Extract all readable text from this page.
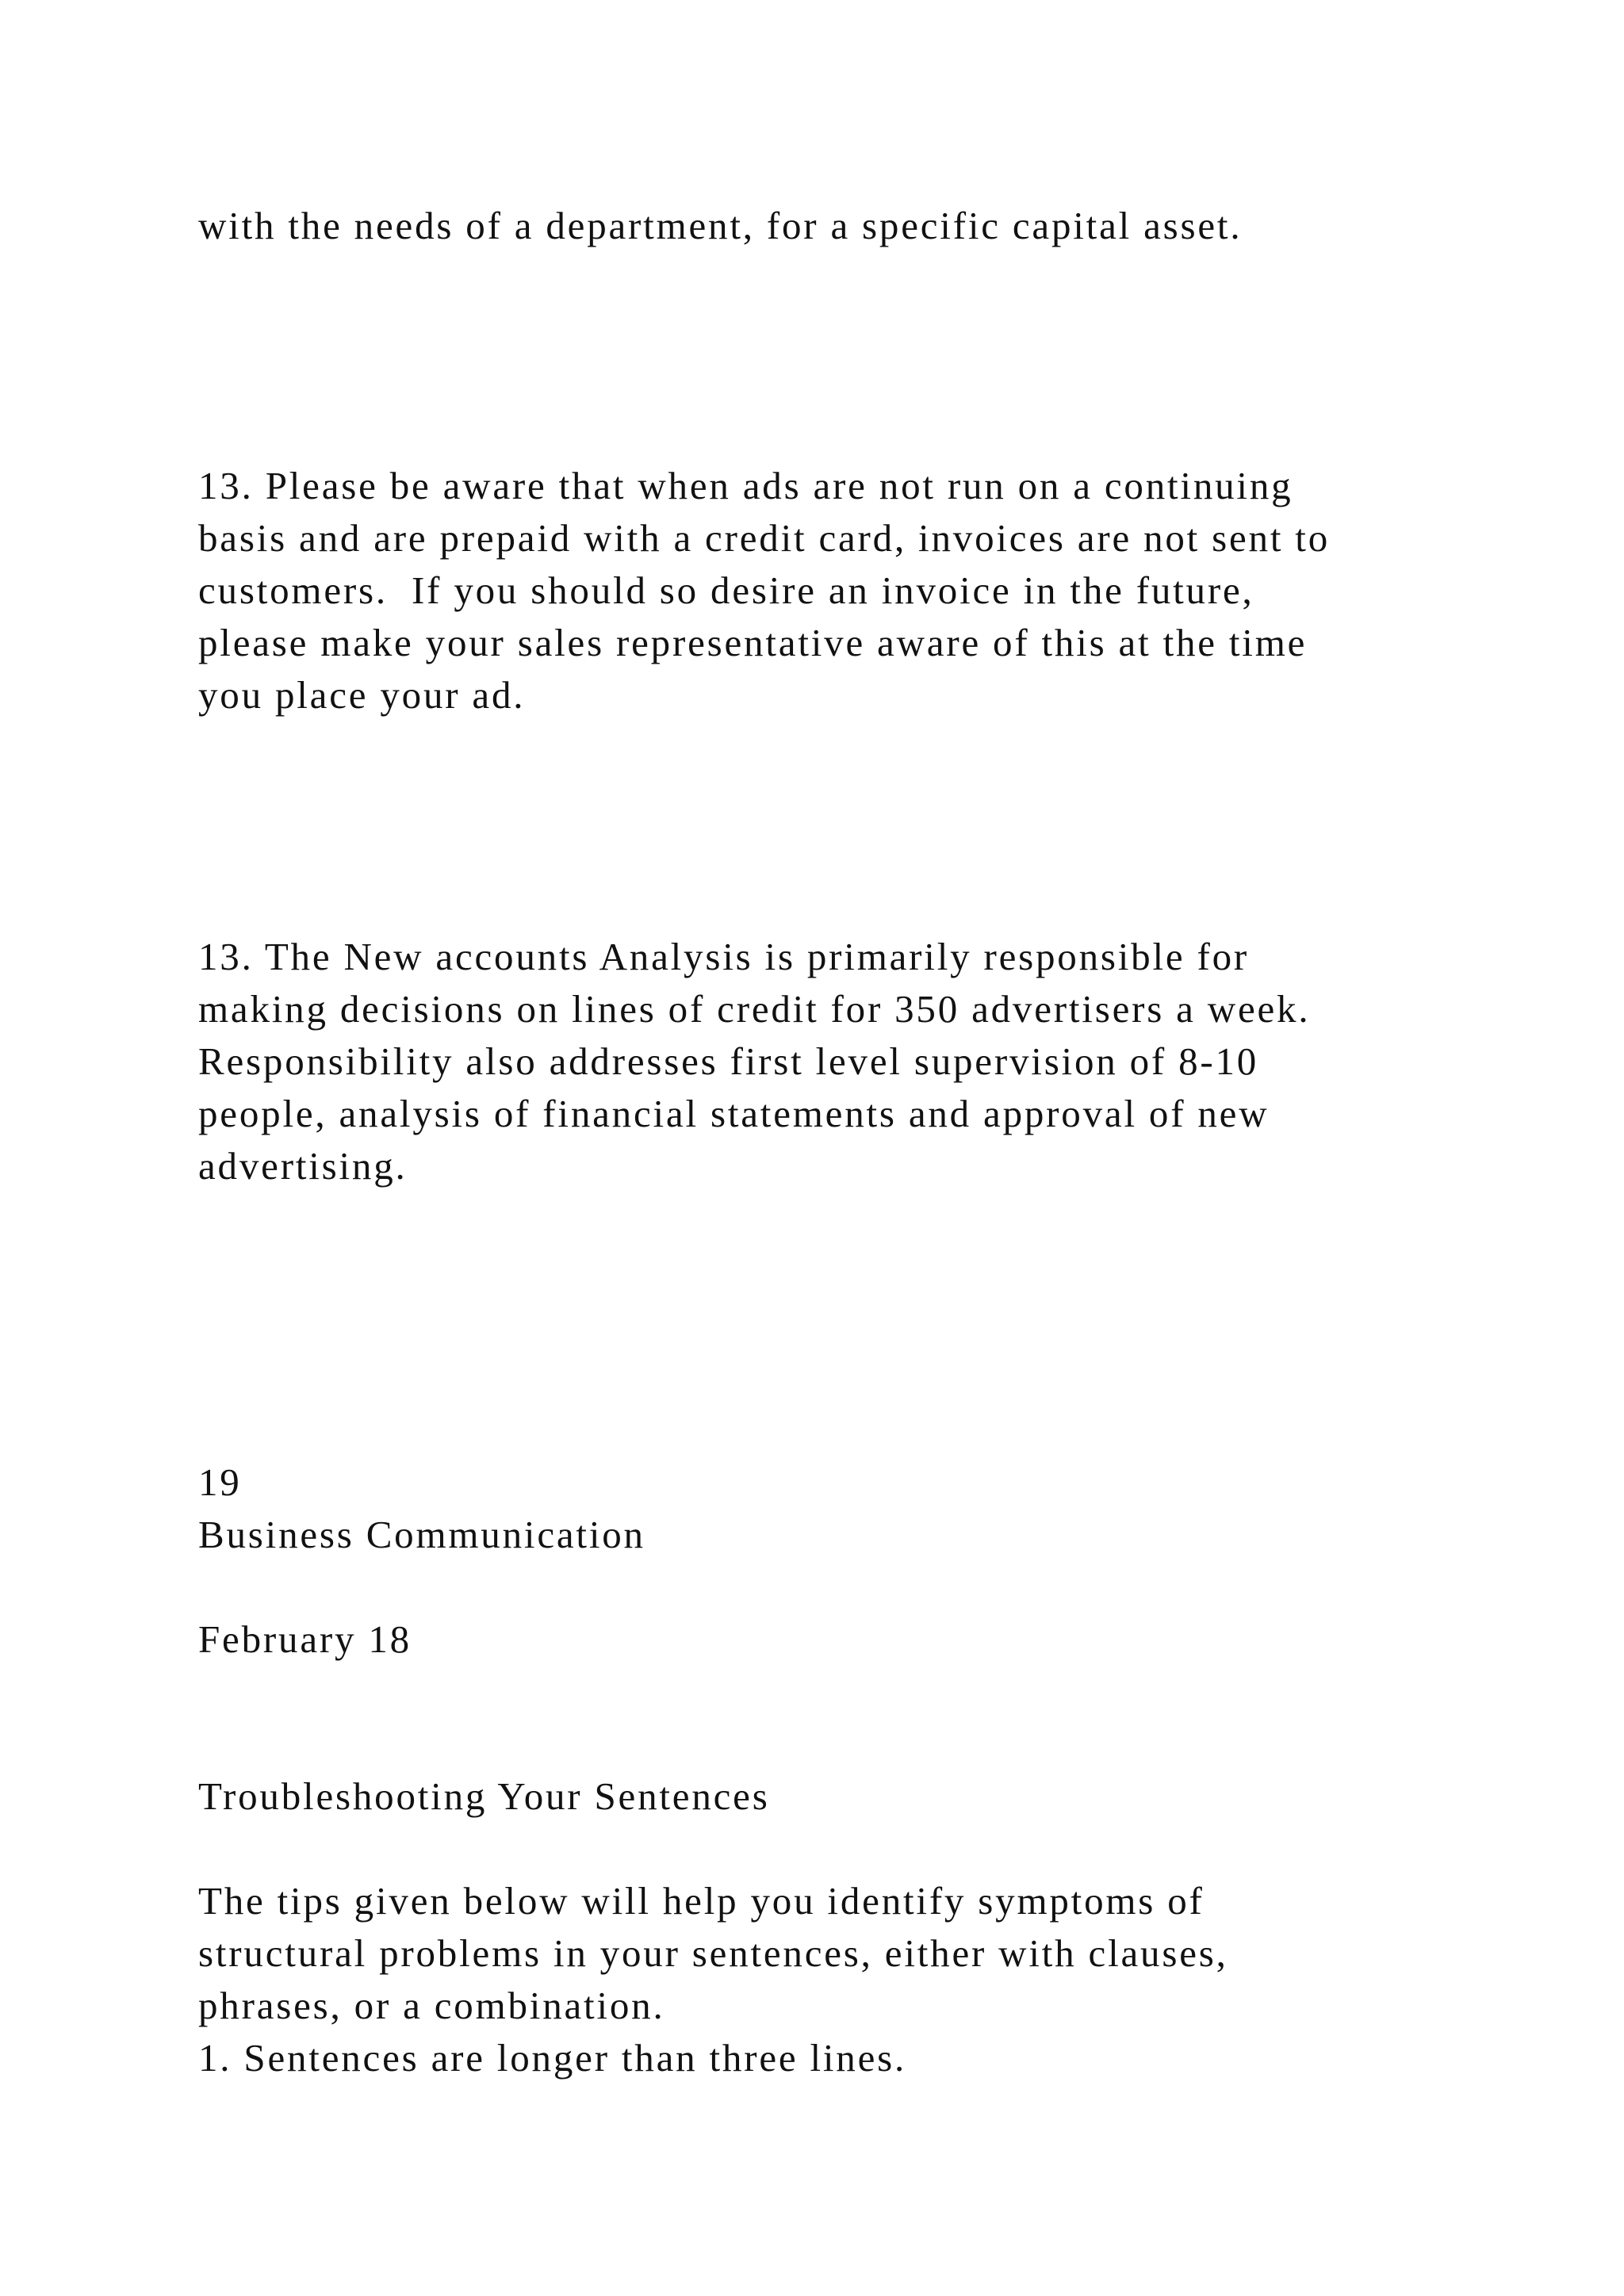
with the needs of a department, for a specific capital asset.
13. Please be aware that when ads are not run on a continuing
basis and are prepaid with a credit card, invoices are not sent to
customers.  If you should so desire an invoice in the future,
please make your sales representative aware of this at the time
you place your ad.
13. The New accounts Analysis is primarily responsible for
making decisions on lines of credit for 350 advertisers a week.
Responsibility also addresses first level supervision of 8-10
people, analysis of financial statements and approval of new
advertising.
19
Business Communication
February 18
Troubleshooting Your Sentences
The tips given below will help you identify symptoms of
structural problems in your sentences, either with clauses,
phrases, or a combination.
1. Sentences are longer than three lines.
